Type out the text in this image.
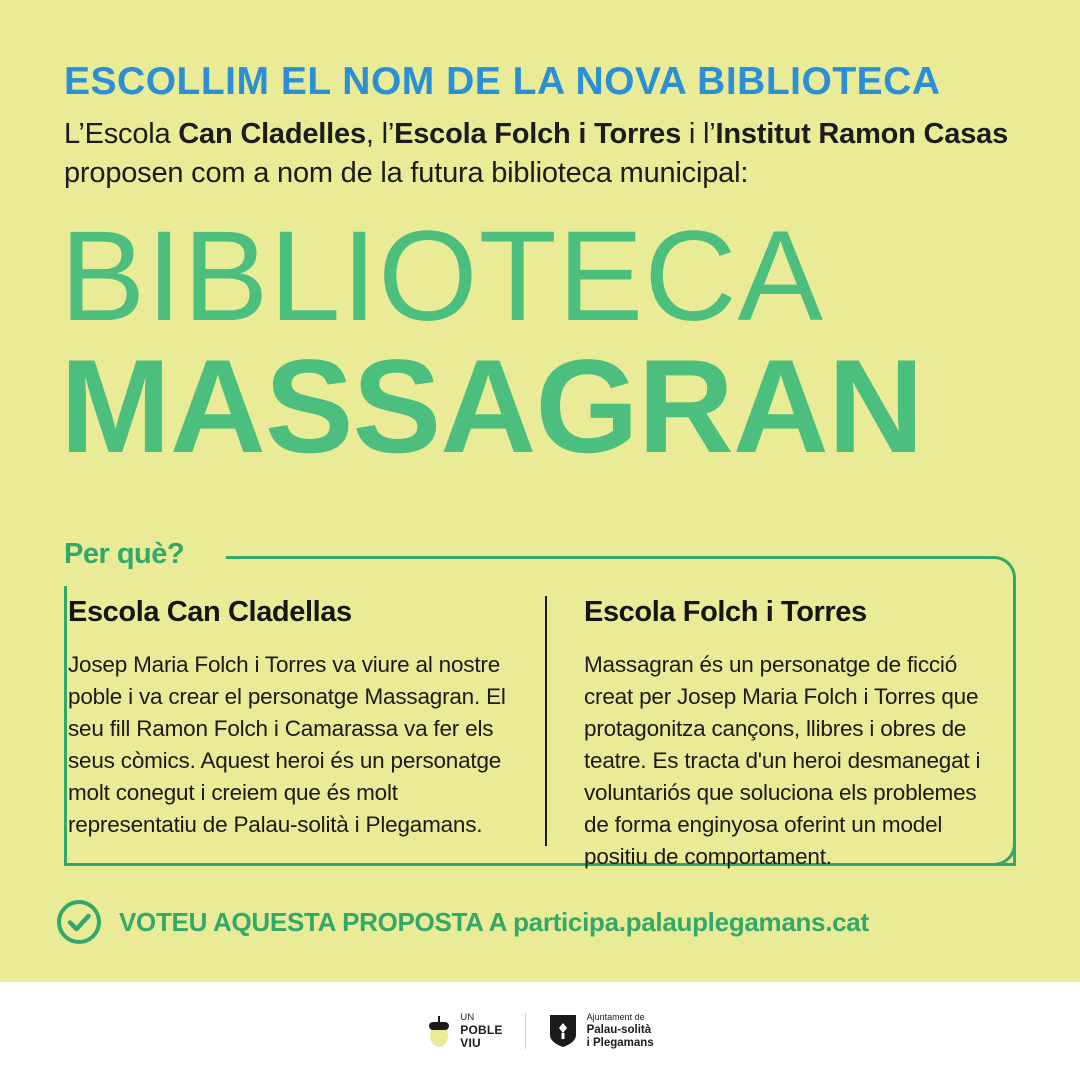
ESCOLLIM EL NOM DE LA NOVA BIBLIOTECA
L’Escola Can Cladelles, l’Escola Folch i Torres i l’Institut Ramon Casas proposen com a nom de la futura biblioteca municipal:
BIBLIOTECA
MASSAGRAN
Per què?
Escola Can Cladellas
Josep Maria Folch i Torres va viure al nostre poble i va crear el personatge Massagran. El seu fill Ramon Folch i Camarassa va fer els seus còmics. Aquest heroi és un personatge molt conegut i creiem que és molt representatiu de Palau-solità i Plegamans.
Escola Folch i Torres
Massagran és un personatge de ficció creat per Josep Maria Folch i Torres que protagonitza cançons, llibres i obres de teatre. Es tracta d'un heroi desmanegat i voluntariós que soluciona els problemes de forma enginyosa oferint un model positiu de comportament.
VOTEU AQUESTA PROPOSTA A participa.palauplegamans.cat
UN
POBLE
VIU
Ajuntament de
Palau-solità
i Plegamans
